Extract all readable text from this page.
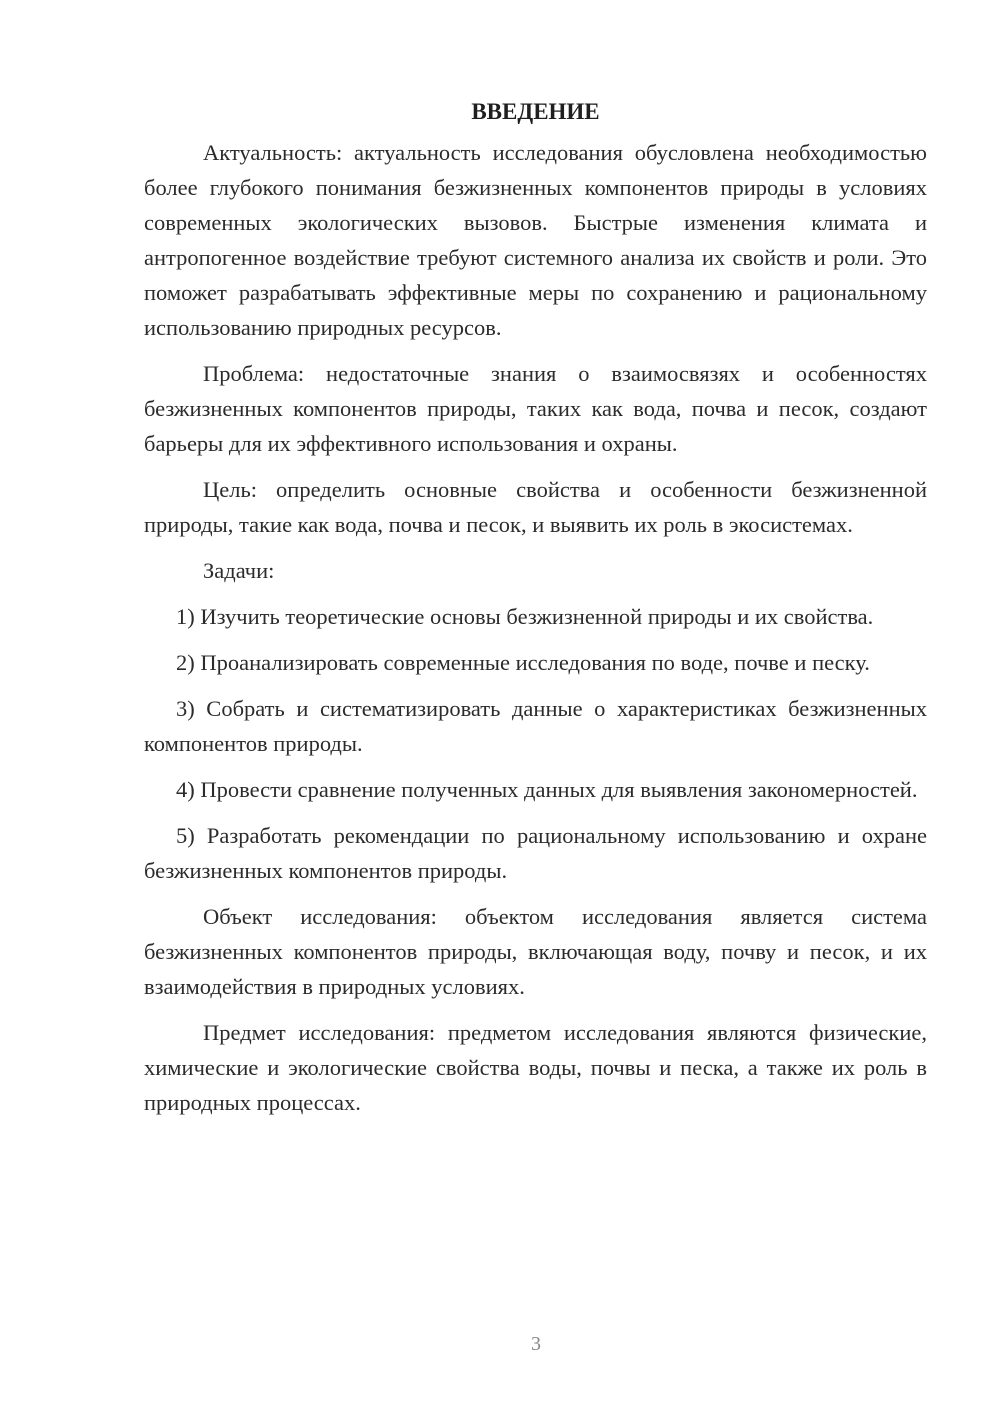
ВВЕДЕНИЕ

Актуальность: актуальность исследования обусловлена необходимостью более глубокого понимания безжизненных компонентов природы в условиях современных экологических вызовов. Быстрые изменения климата и антропогенное воздействие требуют системного анализа их свойств и роли. Это поможет разрабатывать эффективные меры по сохранению и рациональному использованию природных ресурсов.

Проблема: недостаточные знания о взаимосвязях и особенностях безжизненных компонентов природы, таких как вода, почва и песок, создают барьеры для их эффективного использования и охраны.

Цель: определить основные свойства и особенности безжизненной природы, такие как вода, почва и песок, и выявить их роль в экосистемах.

Задачи:

1) Изучить теоретические основы безжизненной природы и их свойства.

2) Проанализировать современные исследования по воде, почве и песку.

3) Собрать и систематизировать данные о характеристиках безжизненных компонентов природы.

4) Провести сравнение полученных данных для выявления закономерностей.

5) Разработать рекомендации по рациональному использованию и охране безжизненных компонентов природы.

Объект исследования: объектом исследования является система безжизненных компонентов природы, включающая воду, почву и песок, и их взаимодействия в природных условиях.

Предмет исследования: предметом исследования являются физические, химические и экологические свойства воды, почвы и песка, а также их роль в природных процессах.

3
